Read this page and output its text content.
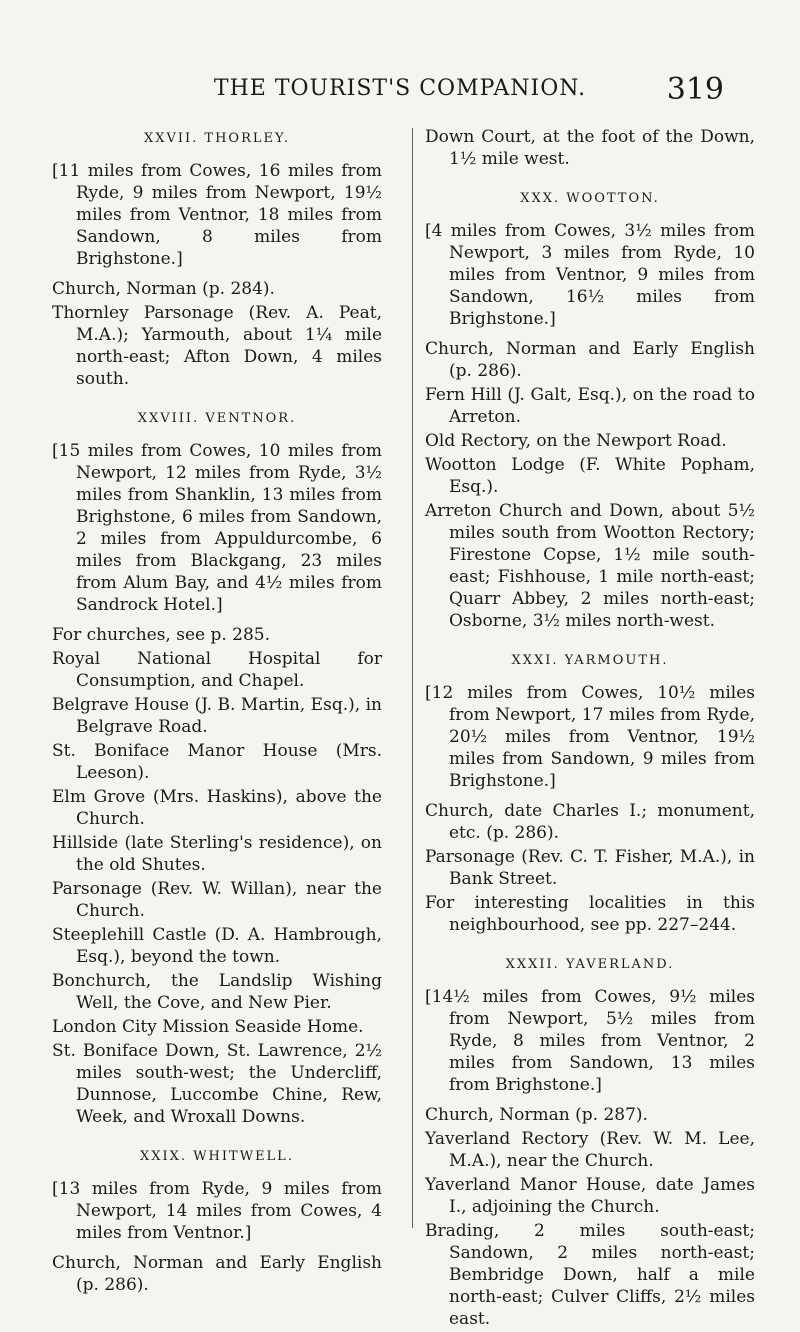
THE TOURIST'S COMPANION.	319
XXVII. THORLEY.

[11 miles from Cowes, 16 miles from Ryde, 9 miles from Newport, 19½ miles from Ventnor, 18 miles from Sandown, 8 miles from Brighstone.]

Church, Norman (p. 284).

Thornley Parsonage (Rev. A. Peat, M.A.); Yarmouth, about 1¼ mile north-east; Afton Down, 4 miles south.

XXVIII. VENTNOR.

[15 miles from Cowes, 10 miles from Newport, 12 miles from Ryde, 3½ miles from Shanklin, 13 miles from Brighstone, 6 miles from Sandown, 2 miles from Appuldurcombe, 6 miles from Blackgang, 23 miles from Alum Bay, and 4½ miles from Sandrock Hotel.]

For churches, see p. 285.

Royal National Hospital for Consumption, and Chapel.

Belgrave House (J. B. Martin, Esq.), in Belgrave Road.

St. Boniface Manor House (Mrs. Leeson).

Elm Grove (Mrs. Haskins), above the Church.

Hillside (late Sterling's residence), on the old Shutes.

Parsonage (Rev. W. Willan), near the Church.

Steeplehill Castle (D. A. Hambrough, Esq.), beyond the town.

Bonchurch, the Landslip Wishing Well, the Cove, and New Pier.

London City Mission Seaside Home.

St. Boniface Down, St. Lawrence, 2½ miles south-west; the Undercliff, Dunnose, Luccombe Chine, Rew, Week, and Wroxall Downs.

XXIX. WHITWELL.

[13 miles from Ryde, 9 miles from Newport, 14 miles from Cowes, 4 miles from Ventnor.]

Church, Norman and Early English (p. 286).

Down Court, at the foot of the Down, 1½ mile west.

XXX. WOOTTON.

[4 miles from Cowes, 3½ miles from Newport, 3 miles from Ryde, 10 miles from Ventnor, 9 miles from Sandown, 16½ miles from Brighstone.]

Church, Norman and Early English (p. 286).

Fern Hill (J. Galt, Esq.), on the road to Arreton.

Old Rectory, on the Newport Road.

Wootton Lodge (F. White Popham, Esq.).

Arreton Church and Down, about 5½ miles south from Wootton Rectory; Firestone Copse, 1½ mile south-east; Fishhouse, 1 mile north-east; Quarr Abbey, 2 miles north-east; Osborne, 3½ miles north-west.

XXXI. YARMOUTH.

[12 miles from Cowes, 10½ miles from Newport, 17 miles from Ryde, 20½ miles from Ventnor, 19½ miles from Sandown, 9 miles from Brighstone.]

Church, date Charles I.; monument, etc. (p. 286).

Parsonage (Rev. C. T. Fisher, M.A.), in Bank Street.

For interesting localities in this neighbourhood, see pp. 227–244.

XXXII. YAVERLAND.

[14½ miles from Cowes, 9½ miles from Newport, 5½ miles from Ryde, 8 miles from Ventnor, 2 miles from Sandown, 13 miles from Brighstone.]

Church, Norman (p. 287).

Yaverland Rectory (Rev. W. M. Lee, M.A.), near the Church.

Yaverland Manor House, date James I., adjoining the Church.

Brading, 2 miles south-east; Sandown, 2 miles north-east; Bembridge Down, half a mile north-east; Culver Cliffs, 2½ miles east.
